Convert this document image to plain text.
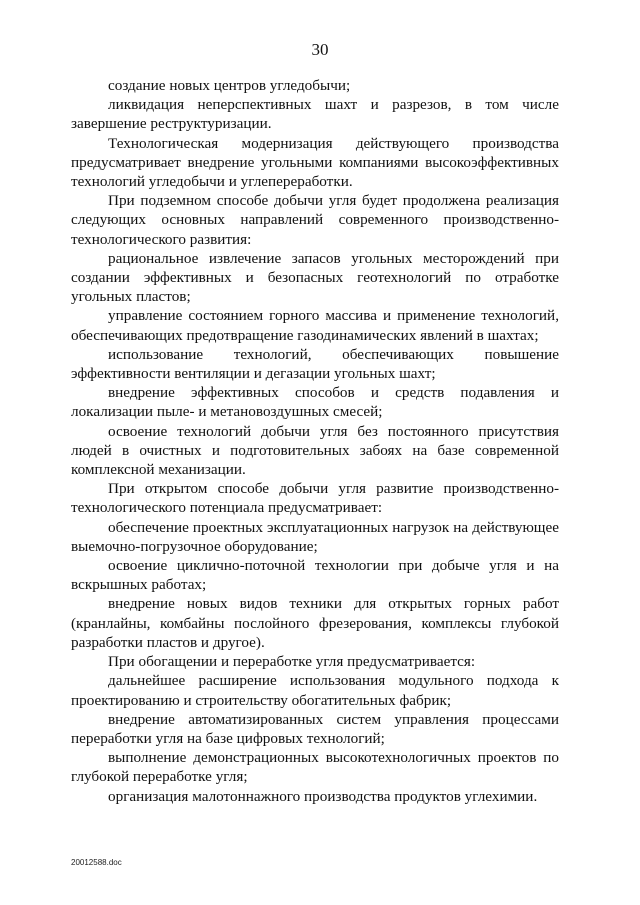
30

создание новых центров угледобычи;

ликвидация неперспективных шахт и разрезов, в том числе завершение реструктуризации.

Технологическая модернизация действующего производства предусматривает внедрение угольными компаниями высокоэффективных технологий угледобычи и углепереработки.

При подземном способе добычи угля будет продолжена реализация следующих основных направлений современного производственно-технологического развития:

рациональное извлечение запасов угольных месторождений при создании эффективных и безопасных геотехнологий по отработке угольных пластов;

управление состоянием горного массива и применение технологий, обеспечивающих предотвращение газодинамических явлений в шахтах;

использование технологий, обеспечивающих повышение эффективности вентиляции и дегазации угольных шахт;

внедрение эффективных способов и средств подавления и локализации пыле- и метановоздушных смесей;

освоение технологий добычи угля без постоянного присутствия людей в очистных и подготовительных забоях на базе современной комплексной механизации.

При открытом способе добычи угля развитие производственно-технологического потенциала предусматривает:

обеспечение проектных эксплуатационных нагрузок на действующее выемочно-погрузочное оборудование;

освоение циклично-поточной технологии при добыче угля и на вскрышных работах;

внедрение новых видов техники для открытых горных работ (кранлайны, комбайны послойного фрезерования, комплексы глубокой разработки пластов и другое).

При обогащении и переработке угля предусматривается:

дальнейшее расширение использования модульного подхода к проектированию и строительству обогатительных фабрик;

внедрение автоматизированных систем управления процессами переработки угля на базе цифровых технологий;

выполнение демонстрационных высокотехнологичных проектов по глубокой переработке угля;

организация малотоннажного производства продуктов углехимии.

20012588.doc
